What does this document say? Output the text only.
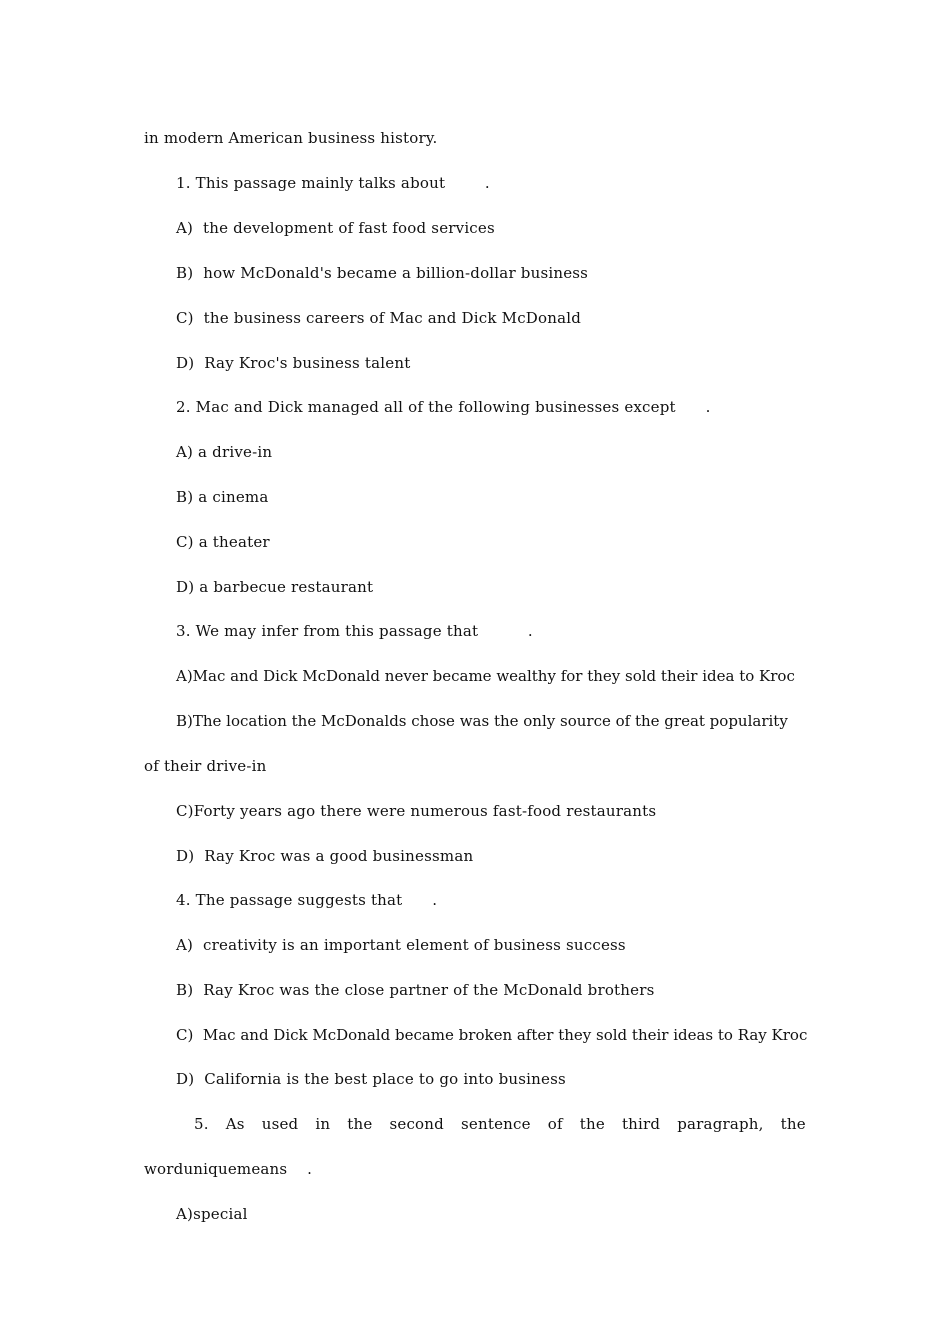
in modern American business history.
1. This passage mainly talks about        .
A)  the development of fast food services
B)  how McDonald's became a billion-dollar business
C)  the business careers of Mac and Dick McDonald
D)  Ray Kroc's business talent
2. Mac and Dick managed all of the following businesses except      .
A) a drive-in
B) a cinema
C) a theater
D) a barbecue restaurant
3. We may infer from this passage that          .
A)Mac and Dick McDonald never became wealthy for they sold their idea to Kroc
B)The location the McDonalds chose was the only source of the great popularity
of their drive-in
C)Forty years ago there were numerous fast-food restaurants
D)  Ray Kroc was a good businessman
4. The passage suggests that      .
A)  creativity is an important element of business success
B)  Ray Kroc was the close partner of the McDonald brothers
C)  Mac and Dick McDonald became broken after they sold their ideas to Ray Kroc
D)  California is the best place to go into business
5. As used in the second sentence of the third paragraph, the
worduniquemeans    .
A)special
